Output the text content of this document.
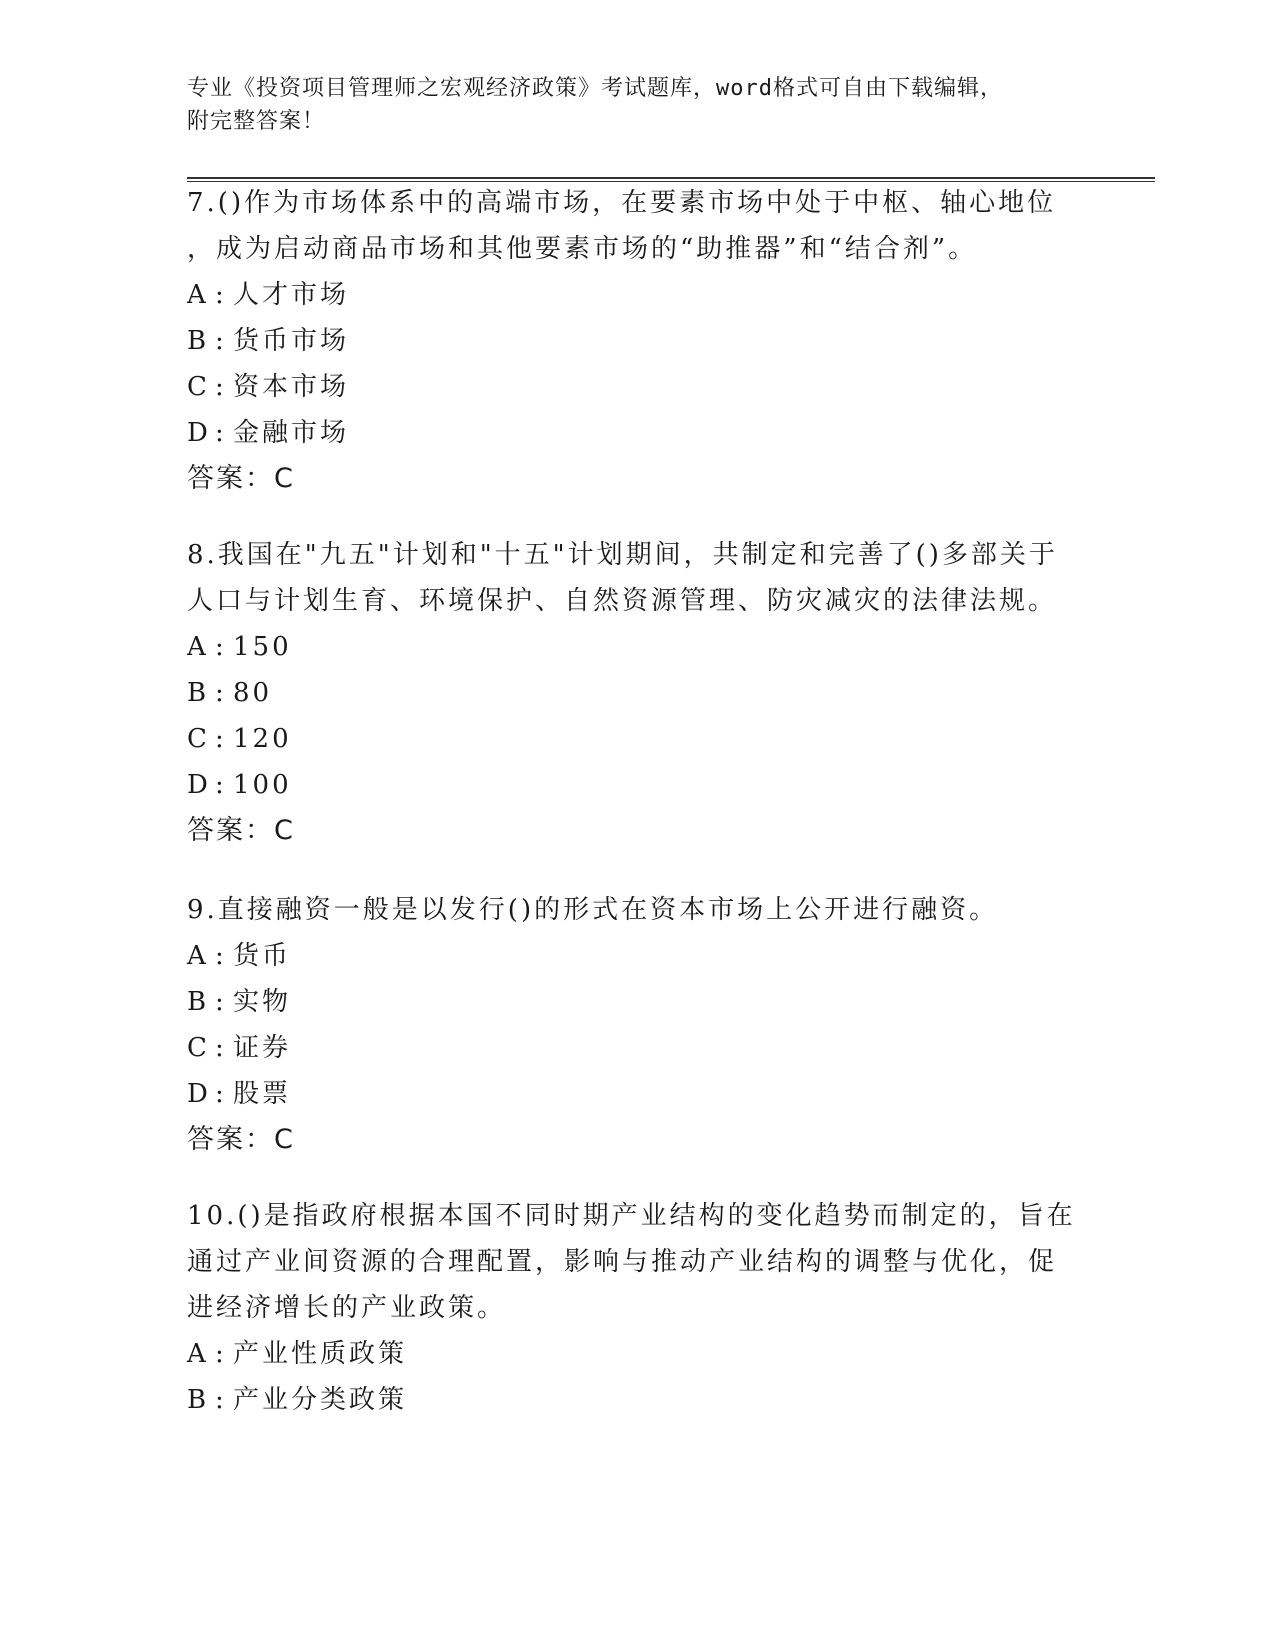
专业《投资项目管理师之宏观经济政策》考试题库，word格式可自由下载编辑，
附完整答案！

7.()作为市场体系中的高端市场，在要素市场中处于中枢、轴心地位

，成为启动商品市场和其他要素市场的“助推器”和“结合剂”。

A : 人才市场

B : 货币市场

C : 资本市场

D : 金融市场

答案：C

8.我国在"九五"计划和"十五"计划期间，共制定和完善了()多部关于

人口与计划生育、环境保护、自然资源管理、防灾减灾的法律法规。

A : 150

B : 80

C : 120

D : 100

答案：C

9.直接融资一般是以发行()的形式在资本市场上公开进行融资。

A : 货币

B : 实物

C : 证券

D : 股票

答案：C

10.()是指政府根据本国不同时期产业结构的变化趋势而制定的，旨在

通过产业间资源的合理配置，影响与推动产业结构的调整与优化，促

进经济增长的产业政策。

A : 产业性质政策

B : 产业分类政策
